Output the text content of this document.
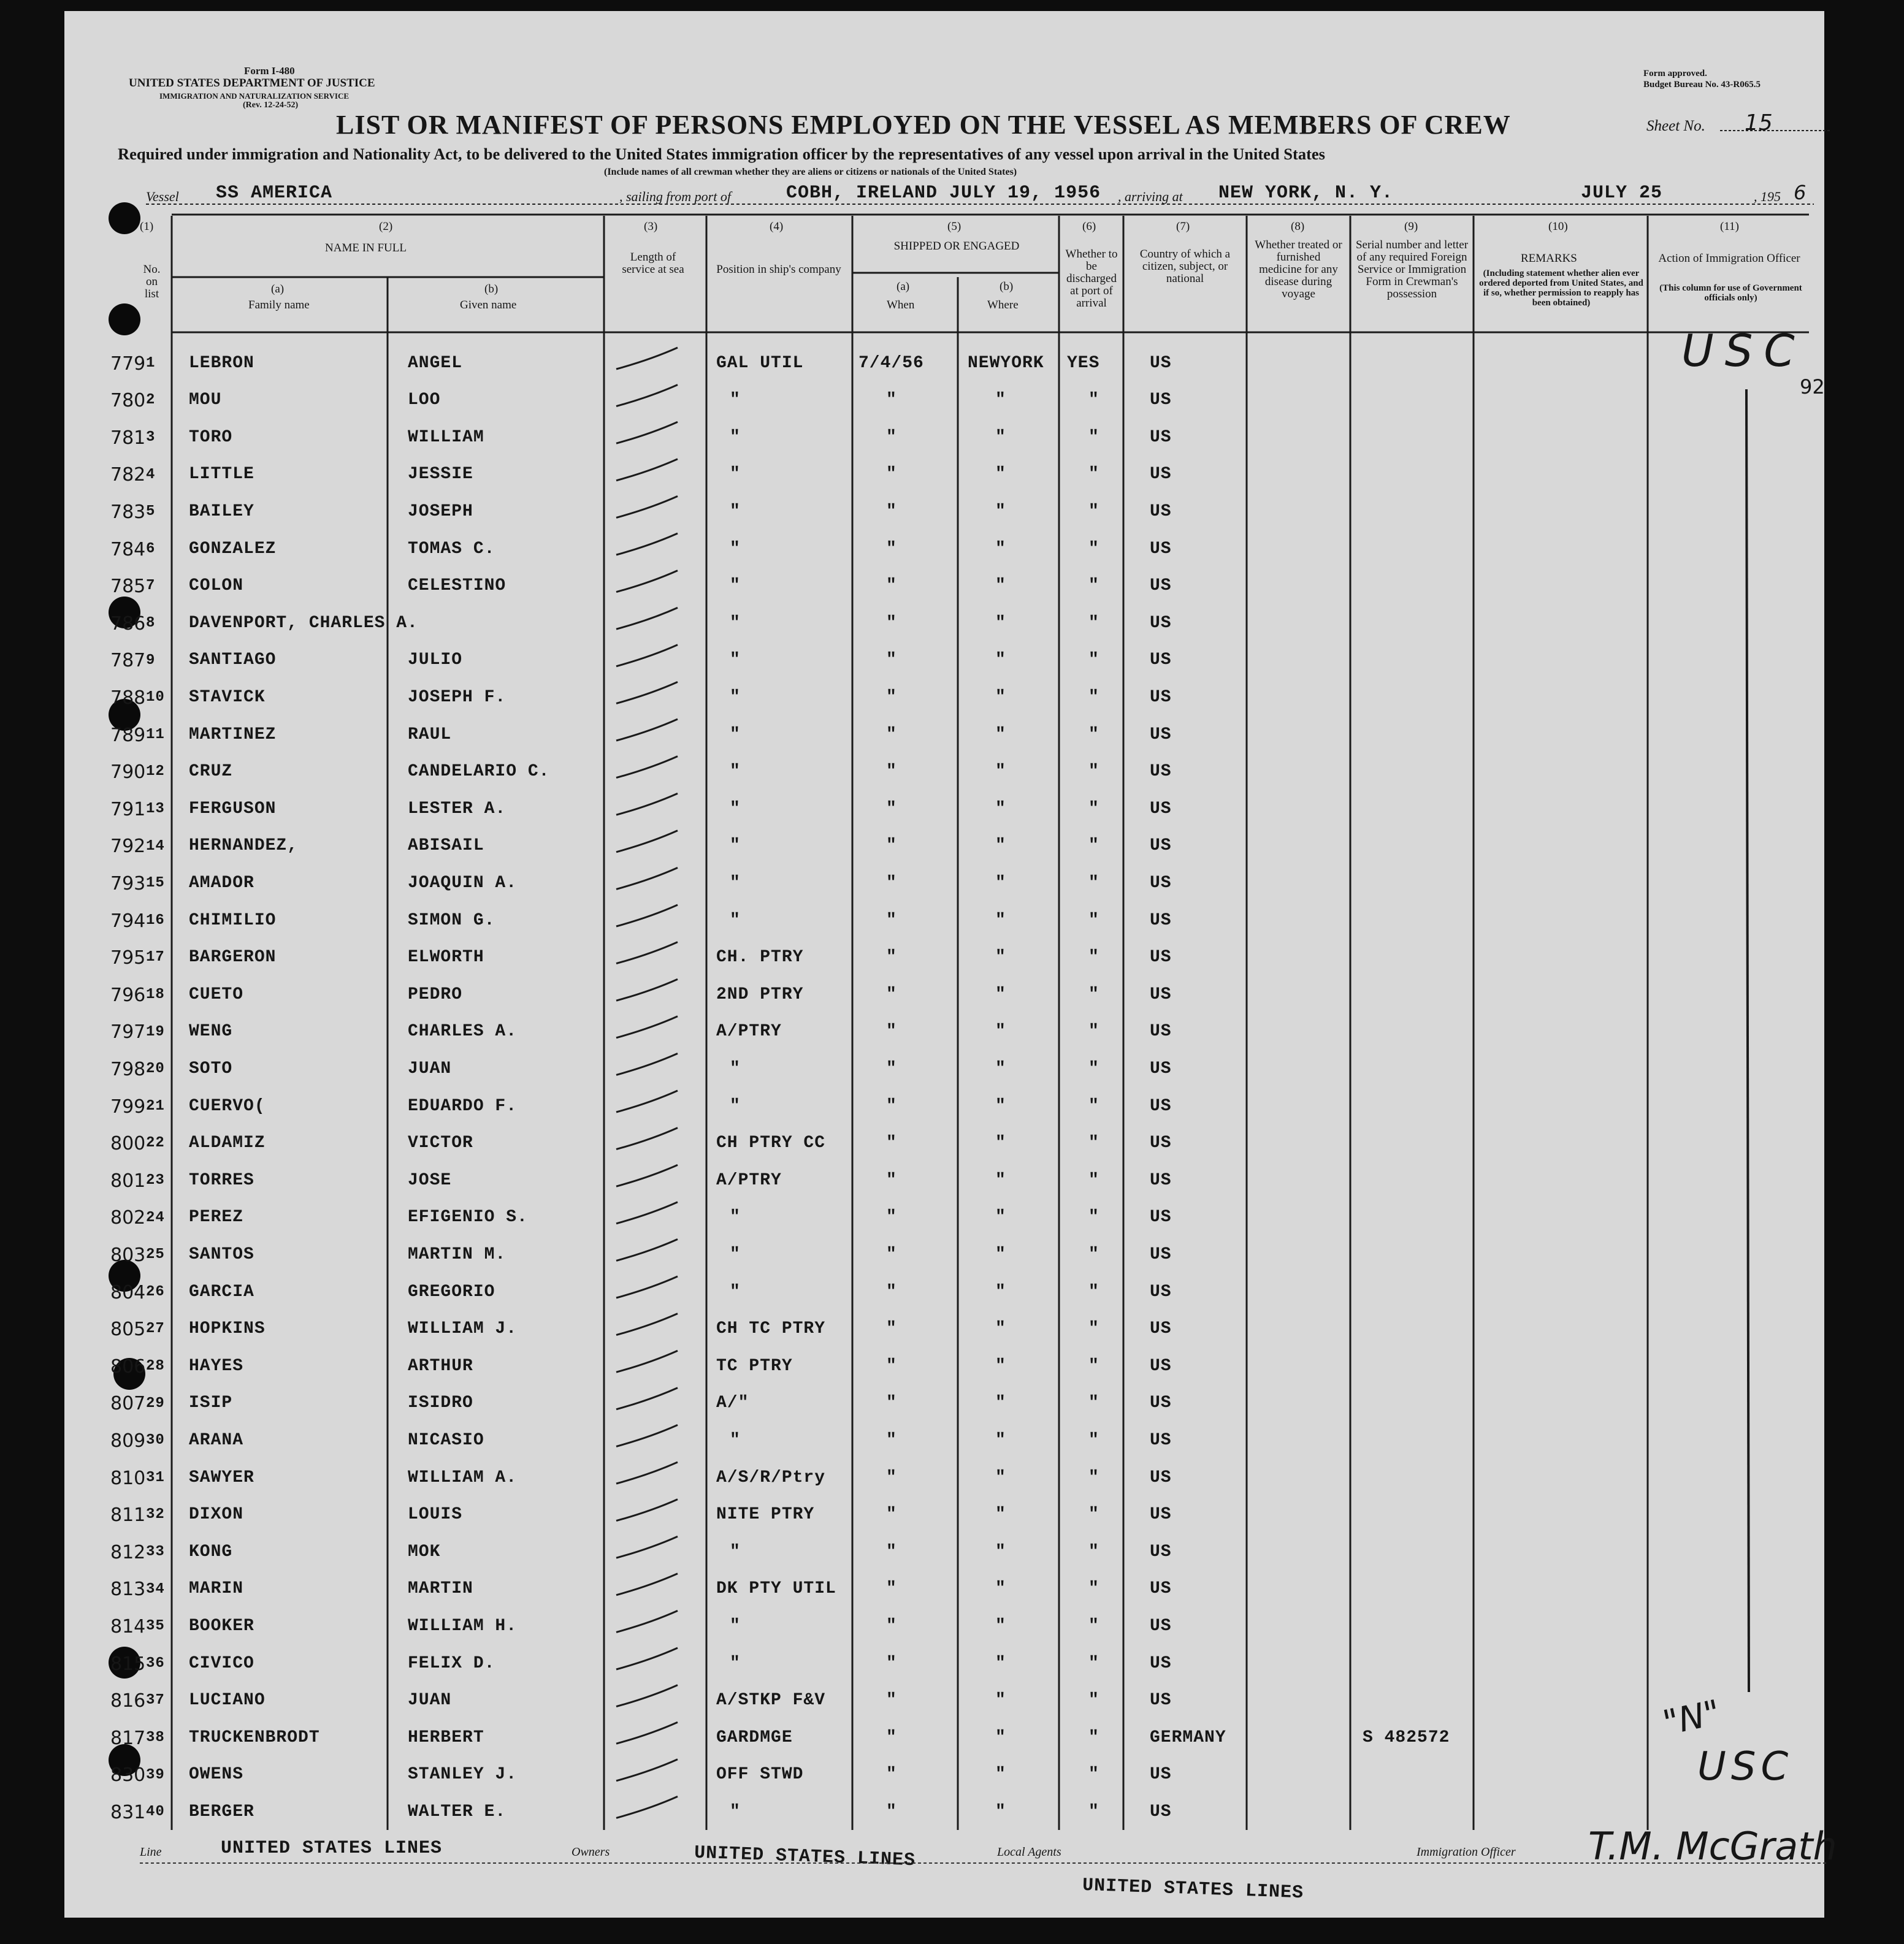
Form I-480
UNITED STATES DEPARTMENT OF JUSTICE
IMMIGRATION AND NATURALIZATION SERVICE
(Rev. 12-24-52)
Form approved.
Budget Bureau No. 43-R065.5
LIST OR MANIFEST OF PERSONS EMPLOYED ON THE VESSEL AS MEMBERS OF CREW	Sheet No. 15
Required under immigration and Nationality Act, to be delivered to the United States immigration officer by the representatives of any vessel upon arrival in the United States
(Include names of all crewman whether they are aliens or citizens or nationals of the United States)
Vessel SS AMERICA	, sailing from port of	COBH, IRELAND JULY 19, 1956 , arriving at NEW YORK, N. Y.	JULY 25	, 195 6
(1)
No. on list
(2)
NAME IN FULL
(a)
Family name
(b)
Given name
(3)
Length of service at sea
(4)
Position in ship's company
(5)
SHIPPED OR ENGAGED
(a)
When
(b)
Where
(6)
Whether to be discharged at port of arrival
(7)
Country of which a citizen, subject, or national
(8)
Whether treated or furnished medicine for any disease during voyage
(9)
Serial number and letter of any required Foreign Service or Immigration Form in Crewman's possession
(10)
REMARKS
(Including statement whether alien ever ordered deported from United States, and if so, whether permission to reapply has been obtained)
(11)
Action of Immigration Officer
(This column for use of Government officials only)
779 1 LEBRON	ANGEL	GAL UTIL	7/4/56	NEWYORK YES	US
780 2 MOU	LOO	"	"	"	"	US
781 3 TORO	WILLIAM	"	"	"	"	US
782 4 LITTLE	JESSIE	"	"	"	"	US
783 5 BAILEY	JOSEPH	"	"	"	"	US
784 6 GONZALEZ	TOMAS C.	"	"	"	"	US
785 7 COLON	CELESTINO	"	"	"	"	US
786 8 DAVENPORT, CHARLES A.	"	"	"	"	US
787 9 SANTIAGO	JULIO	"	"	"	"	US
788 10 STAVICK	JOSEPH F.	"	"	"	"	US
789 11 MARTINEZ	RAUL	"	"	"	"	US
790 12 CRUZ	CANDELARIO C.	"	"	"	"	US
791 13 FERGUSON	LESTER A.	"	"	"	"	US
792 14 HERNANDEZ,	ABISAIL	"	"	"	"	US
793 15 AMADOR	JOAQUIN A.	"	"	"	"	US
794 16 CHIMILIO	SIMON G.	"	"	"	"	US
795 17 BARGERON	ELWORTH	CH. PTRY	"	"	"	US
796 18 CUETO	PEDRO	2ND PTRY	"	"	"	US
797 19 WENG	CHARLES A.	A/PTRY	"	"	"	US
798 20 SOTO	JUAN	"	"	"	"	US
799 21 CUERVO(	EDUARDO F.	"	"	"	"	US
800 22 ALDAMIZ	VICTOR	CH PTRY CC	"	"	"	US
801 23 TORRES	JOSE	A/PTRY	"	"	"	US
802 24 PEREZ	EFIGENIO S.	"	"	"	"	US
803 25 SANTOS	MARTIN M.	"	"	"	"	US
804 26 GARCIA	GREGORIO	"	"	"	"	US
805 27 HOPKINS	WILLIAM J.	CH TC PTRY	"	"	"	US
806 28 HAYES	ARTHUR	TC PTRY	"	"	"	US
807 29 ISIP	ISIDRO	A/"	"	"	"	US
809 30 ARANA	NICASIO	"	"	"	"	US
810 31 SAWYER	WILLIAM A.	A/S/R/Ptry	"	"	"	US
811 32 DIXON	LOUIS	NITE PTRY	"	"	"	US
812 33 KONG	MOK	"	"	"	"	US
813 34 MARIN	MARTIN	DK PTY UTIL	"	"	"	US
814 35 BOOKER	WILLIAM H.	"	"	"	"	US
815 36 CIVICO	FELIX D.	"	"	"	"	US
816 37 LUCIANO	JUAN	A/STKP F&V	"	"	"	US
817 38 TRUCKENBRODT	HERBERT	GARDMGE	"	"	"	GERMANY	S 482572
830 39 OWENS	STANLEY J.	OFF STWD	"	"	"	US
831 40 BERGER	WALTER E.	"	"	"	"	US
USC
92
USC
"N"
T.M. McGrath
Line	UNITED STATES LINES	Owners	UNITED STATES LINES	Local Agents
UNITED STATES LINES
Immigration Officer
